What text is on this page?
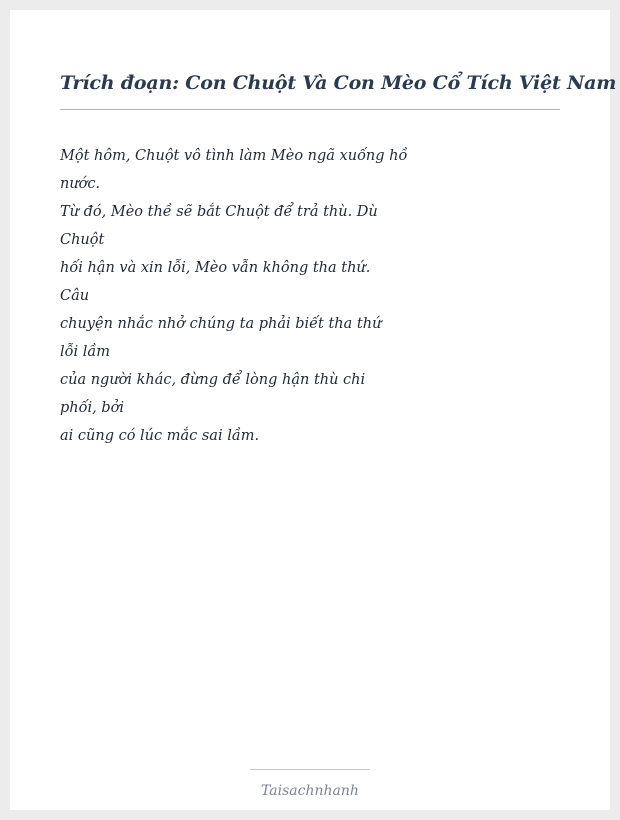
Trích đoạn: Con Chuột Và Con Mèo Cổ Tích Việt Nam
Một hôm, Chuột vô tình làm Mèo ngã xuống hồ
nước.
Từ đó, Mèo thề sẽ bắt Chuột để trả thù. Dù
Chuột
hối hận và xin lỗi, Mèo vẫn không tha thứ.
Câu
chuyện nhắc nhở chúng ta phải biết tha thứ
lỗi lầm
của người khác, đừng để lòng hận thù chi
phối, bởi
ai cũng có lúc mắc sai lầm.
Taisachnhanh
